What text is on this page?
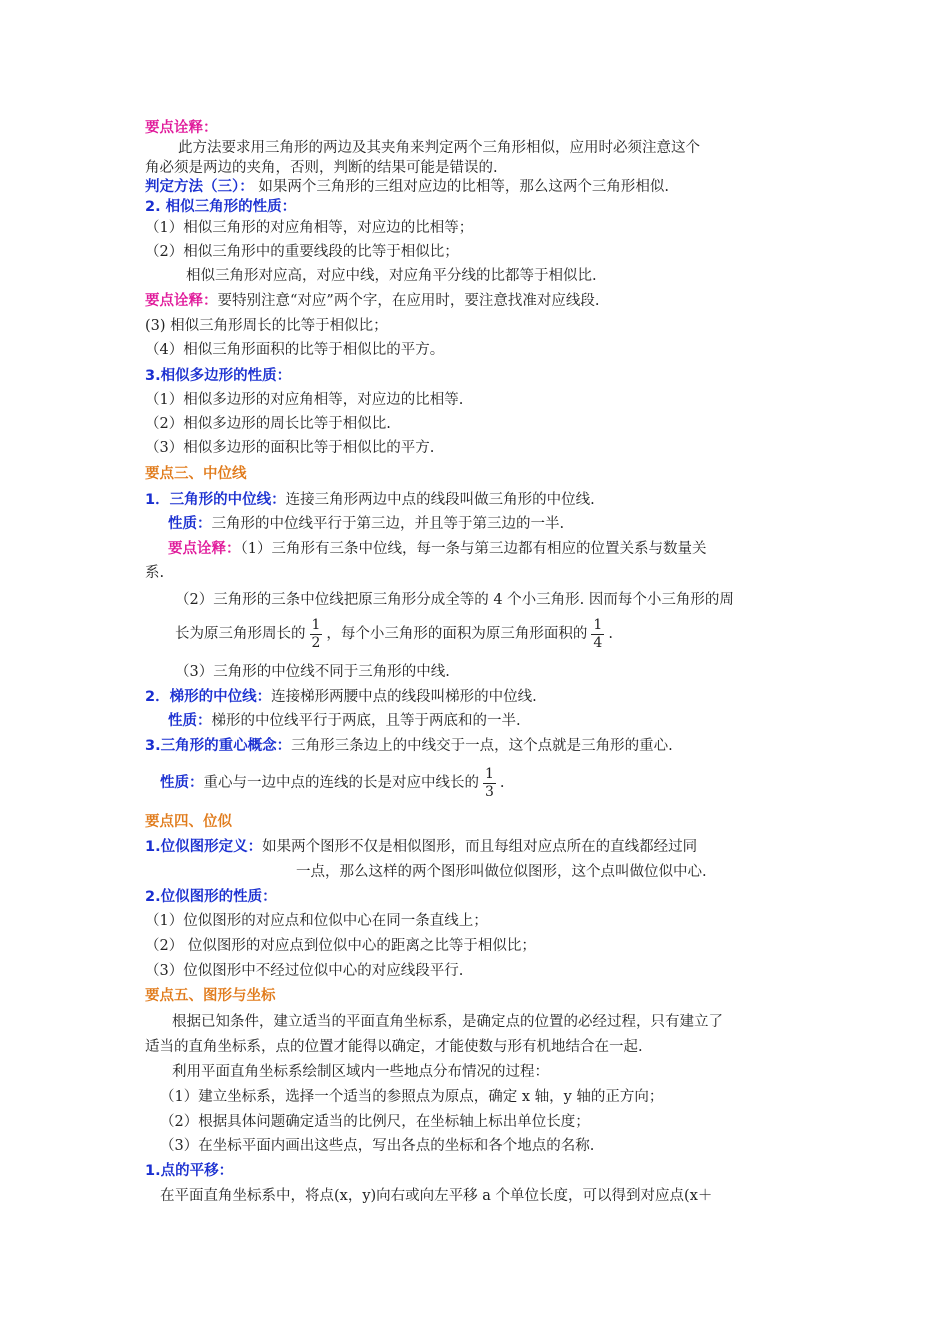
要点诠释：
此方法要求用三角形的两边及其夹角来判定两个三角形相似，应用时必须注意这个
角必须是两边的夹角，否则，判断的结果可能是错误的.
判定方法（三）： 如果两个三角形的三组对应边的比相等，那么这两个三角形相似.
2. 相似三角形的性质：
（1）相似三角形的对应角相等，对应边的比相等；
（2）相似三角形中的重要线段的比等于相似比；
相似三角形对应高，对应中线，对应角平分线的比都等于相似比.
要点诠释：要特别注意“对应”两个字，在应用时，要注意找准对应线段.
(3) 相似三角形周长的比等于相似比；
（4）相似三角形面积的比等于相似比的平方。
3.相似多边形的性质：
（1）相似多边形的对应角相等，对应边的比相等.
（2）相似多边形的周长比等于相似比.
（3）相似多边形的面积比等于相似比的平方.
要点三、中位线
1．三角形的中位线：连接三角形两边中点的线段叫做三角形的中位线.
性质：三角形的中位线平行于第三边，并且等于第三边的一半.
要点诠释：（1）三角形有三条中位线，每一条与第三边都有相应的位置关系与数量关
系.
（2）三角形的三条中位线把原三角形分成全等的 4 个小三角形. 因而每个小三角形的周
长为原三角形周长的 $\frac{1}{2}$ ，每个小三角形的面积为原三角形面积的 $\frac{1}{4}$ .
（3）三角形的中位线不同于三角形的中线.
2．梯形的中位线：连接梯形两腰中点的线段叫梯形的中位线.
性质：梯形的中位线平行于两底，且等于两底和的一半.
3.三角形的重心概念：三角形三条边上的中线交于一点，这个点就是三角形的重心.
性质：重心与一边中点的连线的长是对应中线长的 $\frac{1}{3}$ .
要点四、位似
1.位似图形定义：如果两个图形不仅是相似图形，而且每组对应点所在的直线都经过同
一点，那么这样的两个图形叫做位似图形，这个点叫做位似中心.
2.位似图形的性质：
（1）位似图形的对应点和位似中心在同一条直线上；
（2） 位似图形的对应点到位似中心的距离之比等于相似比；
（3）位似图形中不经过位似中心的对应线段平行.
要点五、图形与坐标
根据已知条件，建立适当的平面直角坐标系，是确定点的位置的必经过程，只有建立了
适当的直角坐标系，点的位置才能得以确定，才能使数与形有机地结合在一起.
利用平面直角坐标系绘制区域内一些地点分布情况的过程：
（1）建立坐标系，选择一个适当的参照点为原点，确定 x 轴，y 轴的正方向；
（2）根据具体问题确定适当的比例尺，在坐标轴上标出单位长度；
（3）在坐标平面内画出这些点，写出各点的坐标和各个地点的名称.
1.点的平移：
在平面直角坐标系中，将点(x，y)向右或向左平移 a 个单位长度，可以得到对应点(x＋
